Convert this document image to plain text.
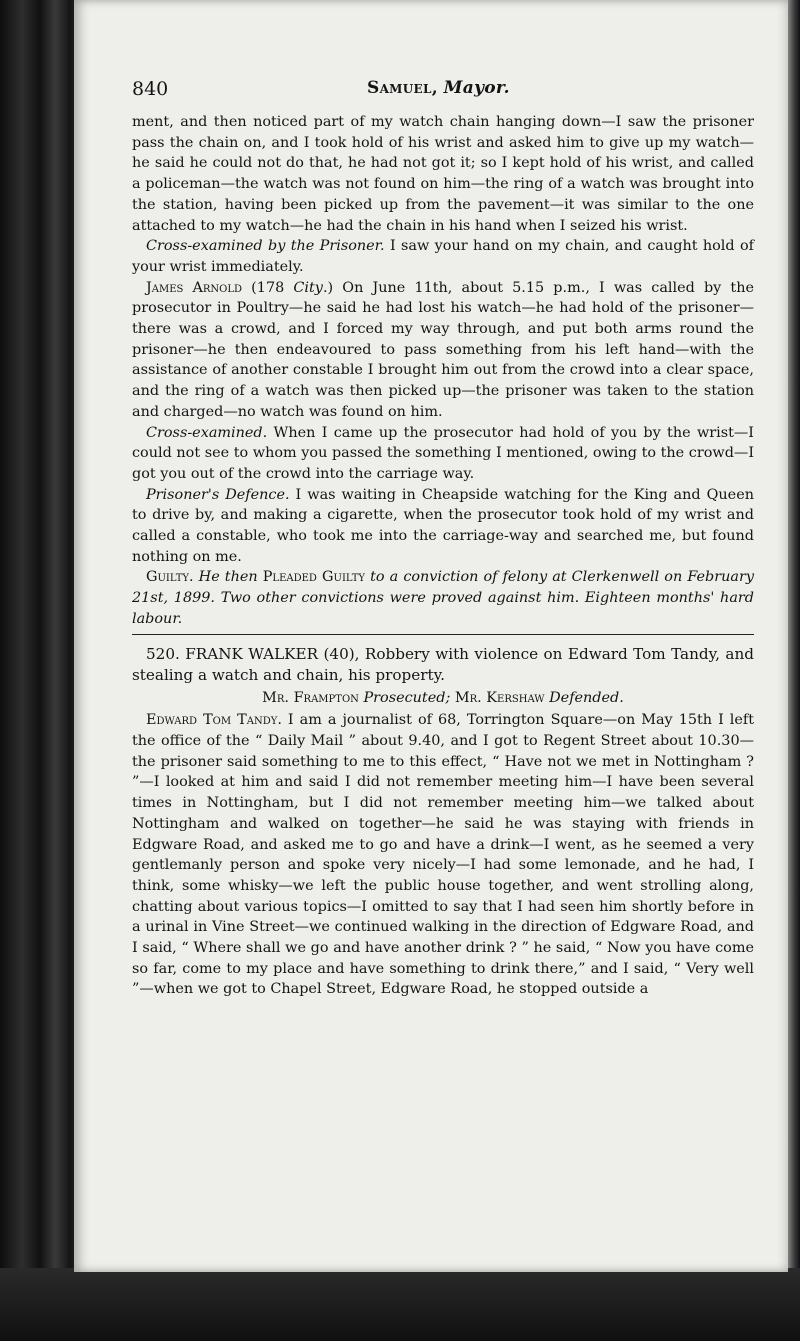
840	Samuel, Mayor.

ment, and then noticed part of my watch chain hanging down—I saw the prisoner pass the chain on, and I took hold of his wrist and asked him to give up my watch—he said he could not do that, he had not got it; so I kept hold of his wrist, and called a policeman—the watch was not found on him—the ring of a watch was brought into the station, having been picked up from the pavement—it was similar to the one attached to my watch—he had the chain in his hand when I seized his wrist.

Cross-examined by the Prisoner. I saw your hand on my chain, and caught hold of your wrist immediately.

James Arnold (178 City.) On June 11th, about 5.15 p.m., I was called by the prosecutor in Poultry—he said he had lost his watch—he had hold of the prisoner—there was a crowd, and I forced my way through, and put both arms round the prisoner—he then endeavoured to pass something from his left hand—with the assistance of another constable I brought him out from the crowd into a clear space, and the ring of a watch was then picked up—the prisoner was taken to the station and charged—no watch was found on him.

Cross-examined. When I came up the prosecutor had hold of you by the wrist—I could not see to whom you passed the something I mentioned, owing to the crowd—I got you out of the crowd into the carriage way.

Prisoner's Defence. I was waiting in Cheapside watching for the King and Queen to drive by, and making a cigarette, when the prosecutor took hold of my wrist and called a constable, who took me into the carriage-way and searched me, but found nothing on me.

Guilty. He then Pleaded Guilty to a conviction of felony at Clerkenwell on February 21st, 1899. Two other convictions were proved against him. Eighteen months' hard labour.

520. FRANK WALKER (40), Robbery with violence on Edward Tom Tandy, and stealing a watch and chain, his property.

Mr. Frampton Prosecuted; Mr. Kershaw Defended.

Edward Tom Tandy. I am a journalist of 68, Torrington Square—on May 15th I left the office of the “ Daily Mail ” about 9.40, and I got to Regent Street about 10.30—the prisoner said something to me to this effect, “ Have not we met in Nottingham ? ”—I looked at him and said I did not remember meeting him—I have been several times in Nottingham, but I did not remember meeting him—we talked about Nottingham and walked on together—he said he was staying with friends in Edgware Road, and asked me to go and have a drink—I went, as he seemed a very gentlemanly person and spoke very nicely—I had some lemonade, and he had, I think, some whisky—we left the public house together, and went strolling along, chatting about various topics—I omitted to say that I had seen him shortly before in a urinal in Vine Street—we continued walking in the direction of Edgware Road, and I said, “ Where shall we go and have another drink ? ” he said, “ Now you have come so far, come to my place and have something to drink there,” and I said, “ Very well ”—when we got to Chapel Street, Edgware Road, he stopped outside a
